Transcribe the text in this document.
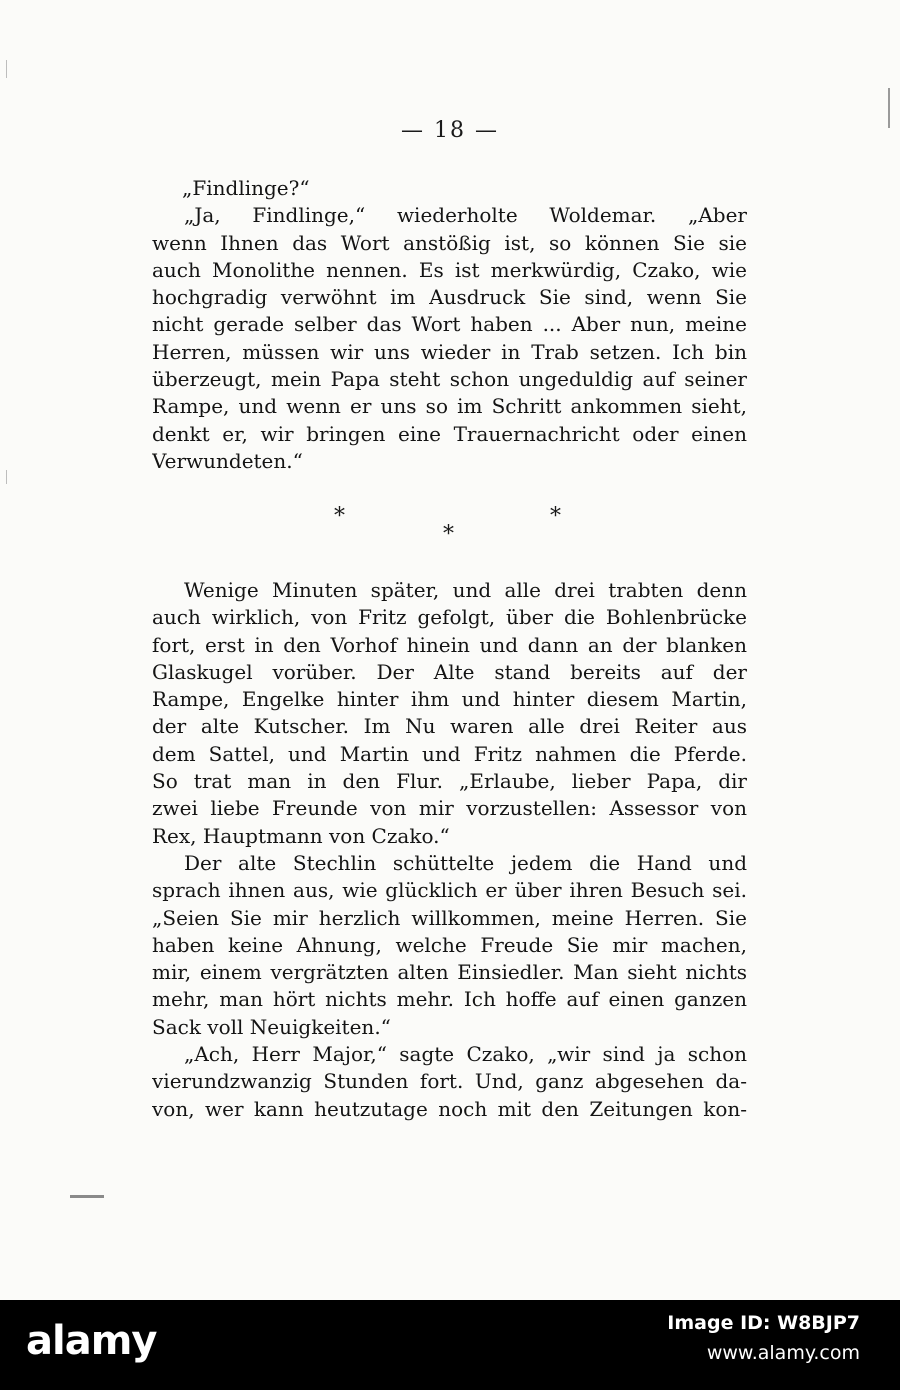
— 18 —
„Findlinge?“
„Ja, Findlinge,“ wiederholte Woldemar. „Aber
wenn Ihnen das Wort anstößig ist, so können Sie sie
auch Monolithe nennen. Es ist merkwürdig, Czako, wie
hochgradig verwöhnt im Ausdruck Sie sind, wenn Sie
nicht gerade selber das Wort haben ... Aber nun, meine
Herren, müssen wir uns wieder in Trab setzen. Ich bin
überzeugt, mein Papa steht schon ungeduldig auf seiner
Rampe, und wenn er uns so im Schritt ankommen sieht,
denkt er, wir bringen eine Trauernachricht oder einen
Verwundeten.“
*
*
*
Wenige Minuten später, und alle drei trabten denn
auch wirklich, von Fritz gefolgt, über die Bohlenbrücke
fort, erst in den Vorhof hinein und dann an der blanken
Glaskugel vorüber. Der Alte stand bereits auf der
Rampe, Engelke hinter ihm und hinter diesem Martin,
der alte Kutscher. Im Nu waren alle drei Reiter aus
dem Sattel, und Martin und Fritz nahmen die Pferde.
So trat man in den Flur. „Erlaube, lieber Papa, dir
zwei liebe Freunde von mir vorzustellen: Assessor von
Rex, Hauptmann von Czako.“
Der alte Stechlin schüttelte jedem die Hand und
sprach ihnen aus, wie glücklich er über ihren Besuch sei.
„Seien Sie mir herzlich willkommen, meine Herren. Sie
haben keine Ahnung, welche Freude Sie mir machen,
mir, einem vergrätzten alten Einsiedler. Man sieht nichts
mehr, man hört nichts mehr. Ich hoffe auf einen ganzen
Sack voll Neuigkeiten.“
„Ach, Herr Major,“ sagte Czako, „wir sind ja schon
vierundzwanzig Stunden fort. Und, ganz abgesehen da-
von, wer kann heutzutage noch mit den Zeitungen kon-
alamy	Image ID: W8BJP7
www.alamy.com
